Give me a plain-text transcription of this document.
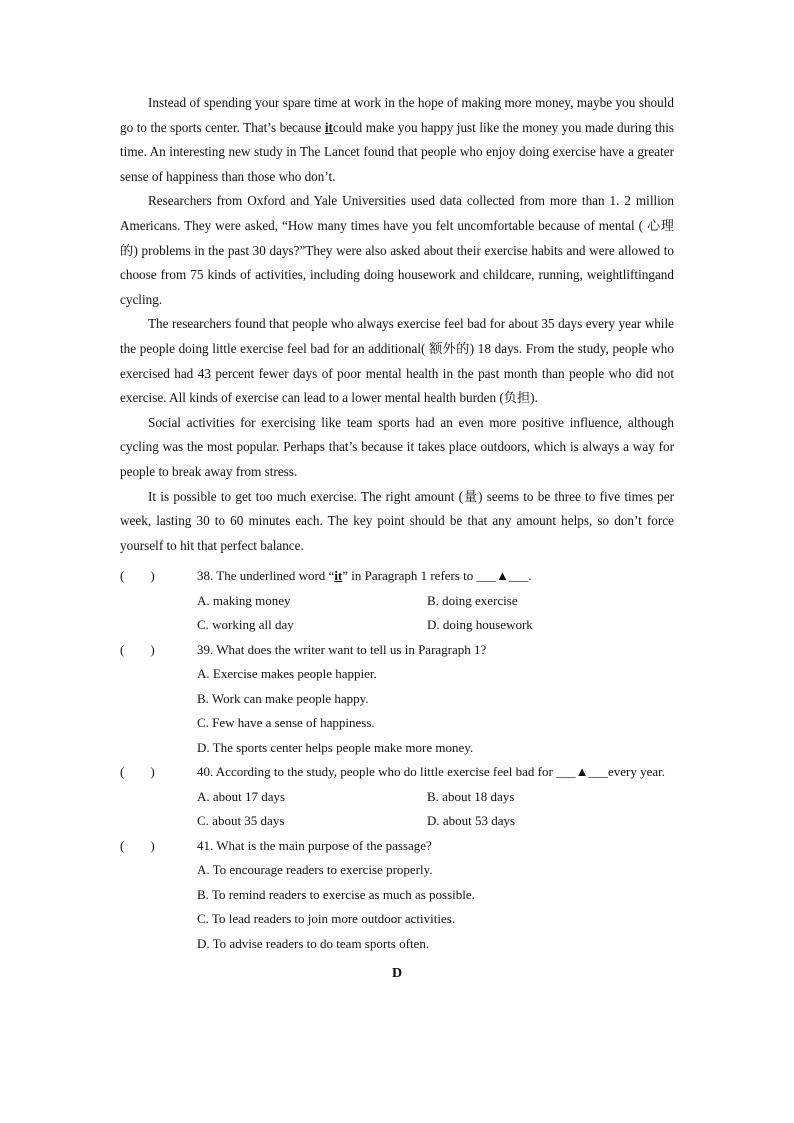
Instead of spending your spare time at work in the hope of making more money, maybe you should go to the sports center. That’s because itcould make you happy just like the money you made during this time. An interesting new study in The Lancet found that people who enjoy doing exercise have a greater sense of happiness than those who don’t.

Researchers from Oxford and Yale Universities used data collected from more than 1. 2 million Americans. They were asked, “How many times have you felt uncomfortable because of mental ( 心理的) problems in the past 30 days?”They were also asked about their exercise habits and were allowed to choose from 75 kinds of activities, including doing housework and childcare, running, weightliftingand cycling.

The researchers found that people who always exercise feel bad for about 35 days every year while the people doing little exercise feel bad for an additional( 额外的) 18 days. From the study, people who exercised had 43 percent fewer days of poor mental health in the past month than people who did not exercise. All kinds of exercise can lead to a lower mental health burden (负担).

Social activities for exercising like team sports had an even more positive influence, although cycling was the most popular. Perhaps that’s because it takes place outdoors, which is always a way for people to break away from stress.

It is possible to get too much exercise. The right amount (量) seems to be three to five times per week, lasting 30 to 60 minutes each. The key point should be that any amount helps, so don’t force yourself to hit that perfect balance.

(　　)	38. The underlined word “it” in Paragraph 1 refers to ___▲___.
A. making money	B. doing exercise
C. working all day	D. doing housework
(　　)	39. What does the writer want to tell us in Paragraph 1?
A. Exercise makes people happier.
B. Work can make people happy.
C. Few have a sense of happiness.
D. The sports center helps people make more money.
(　　)	40. According to the study, people who do little exercise feel bad for ___▲___every year.
A. about 17 days	B. about 18 days
C. about 35 days	D. about 53 days
(　　)	41. What is the main purpose of the passage?
A. To encourage readers to exercise properly.
B. To remind readers to exercise as much as possible.
C. To lead readers to join more outdoor activities.
D. To advise readers to do team sports often.
D
